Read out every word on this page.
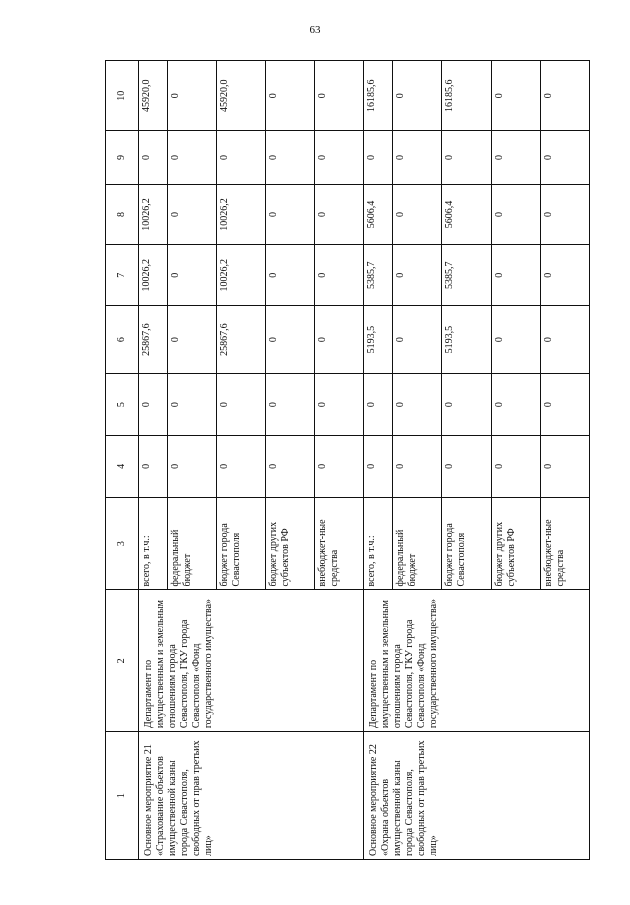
63
1	2	3	4	5	6	7	8	9	10
Основное мероприятие 21 «Страхование объектов имущественной казны города Севастополя, свободных от прав третьих лиц»	Департамент по имущественным и земельным отношениям города Севастополя, ГКУ города Севастополя «Фонд государственного имущества»	всего, в т.ч.:	0	0	25867,6	10026,2	10026,2	0	45920,0
		федеральный бюджет	0	0	0	0	0	0	0
		бюджет города Севастополя	0	0	25867,6	10026,2	10026,2	0	45920,0
		бюджет других субъектов РФ	0	0	0	0	0	0	0
		внебюджет-ные средства	0	0	0	0	0	0	0
Основное мероприятие 22 «Охрана объектов имущественной казны города Севастополя, свободных от прав третьих лиц»	Департамент по имущественным и земельным отношениям города Севастополя, ГКУ города Севастополя «Фонд государственного имущества»	всего, в т.ч.:	0	0	5193,5	5385,7	5606,4	0	16185,6
		федеральный бюджет	0	0	0	0	0	0	0
		бюджет города Севастополя	0	0	5193,5	5385,7	5606,4	0	16185,6
		бюджет других субъектов РФ	0	0	0	0	0	0	0
		внебюджет-ные средства	0	0	0	0	0	0	0
